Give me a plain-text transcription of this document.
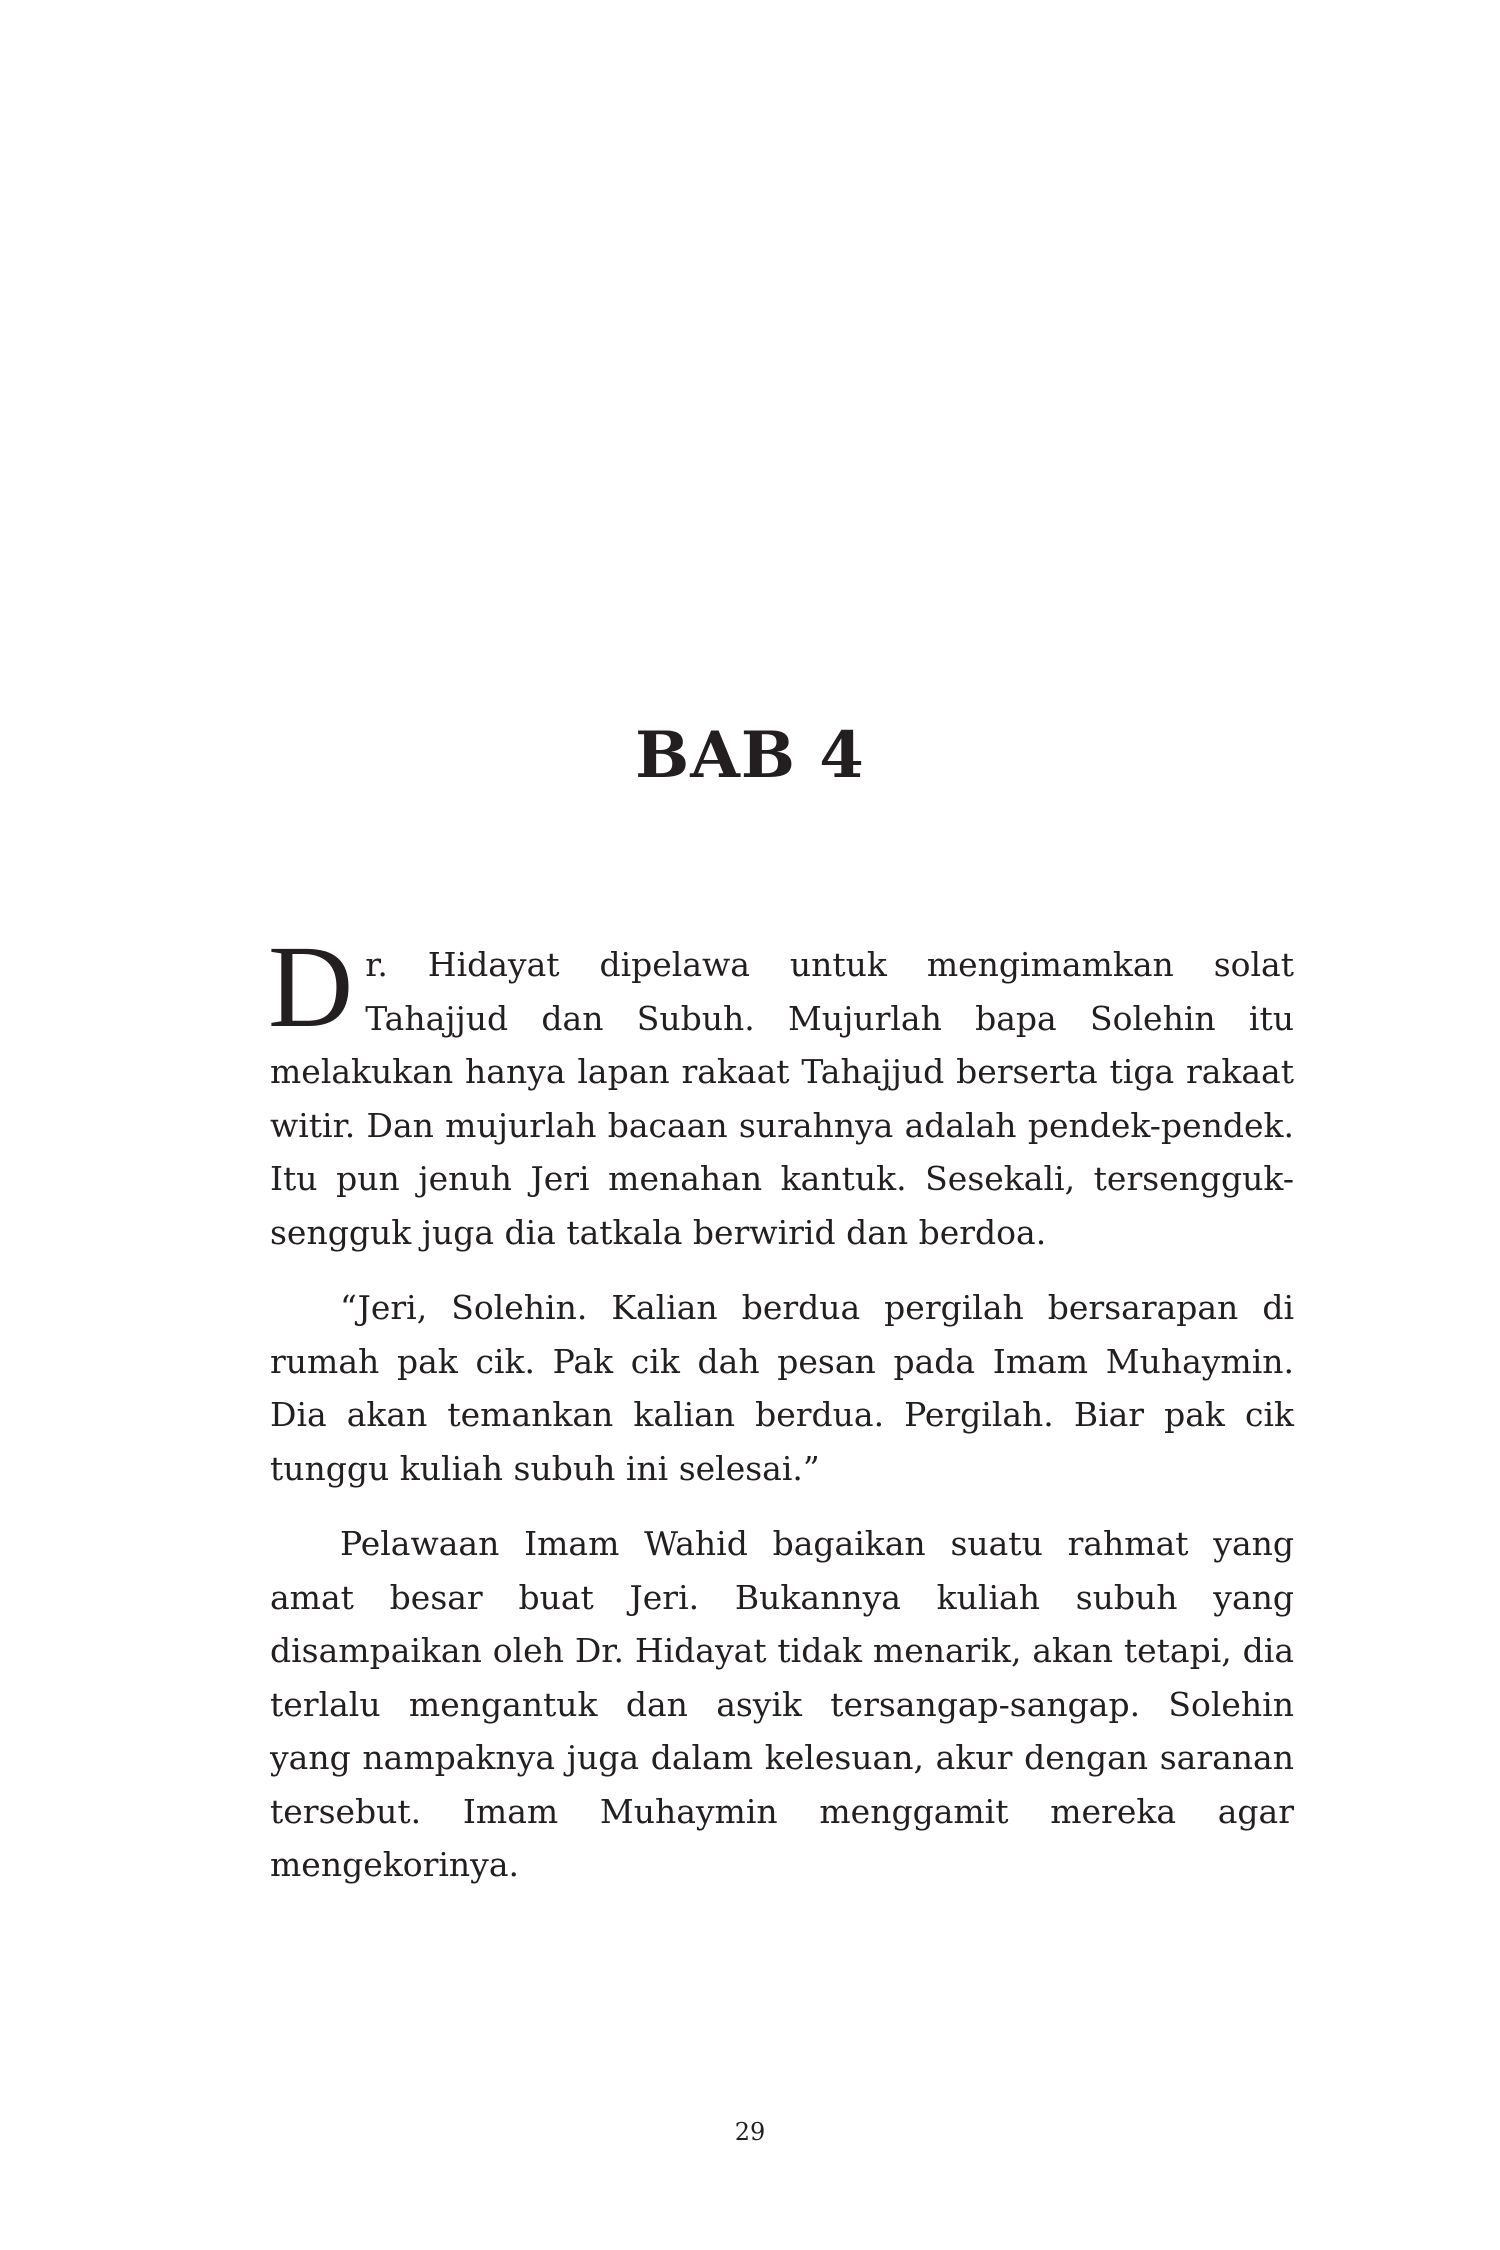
BAB 4

Dr. Hidayat dipelawa untuk mengimamkan solat Tahajjud dan Subuh. Mujurlah bapa Solehin itu melakukan hanya lapan rakaat Tahajjud berserta tiga rakaat witir. Dan mujurlah bacaan surahnya adalah pendek-pendek. Itu pun jenuh Jeri menahan kantuk. Sesekali, tersengguk-sengguk juga dia tatkala berwirid dan berdoa.

“Jeri, Solehin. Kalian berdua pergilah bersarapan di rumah pak cik. Pak cik dah pesan pada Imam Muhaymin. Dia akan temankan kalian berdua. Pergilah. Biar pak cik tunggu kuliah subuh ini selesai.”

Pelawaan Imam Wahid bagaikan suatu rahmat yang amat besar buat Jeri. Bukannya kuliah subuh yang disampaikan oleh Dr. Hidayat tidak menarik, akan tetapi, dia terlalu mengantuk dan asyik tersangap-sangap. Solehin yang nampaknya juga dalam kelesuan, akur dengan saranan tersebut. Imam Muhaymin menggamit mereka agar mengekorinya.

29
